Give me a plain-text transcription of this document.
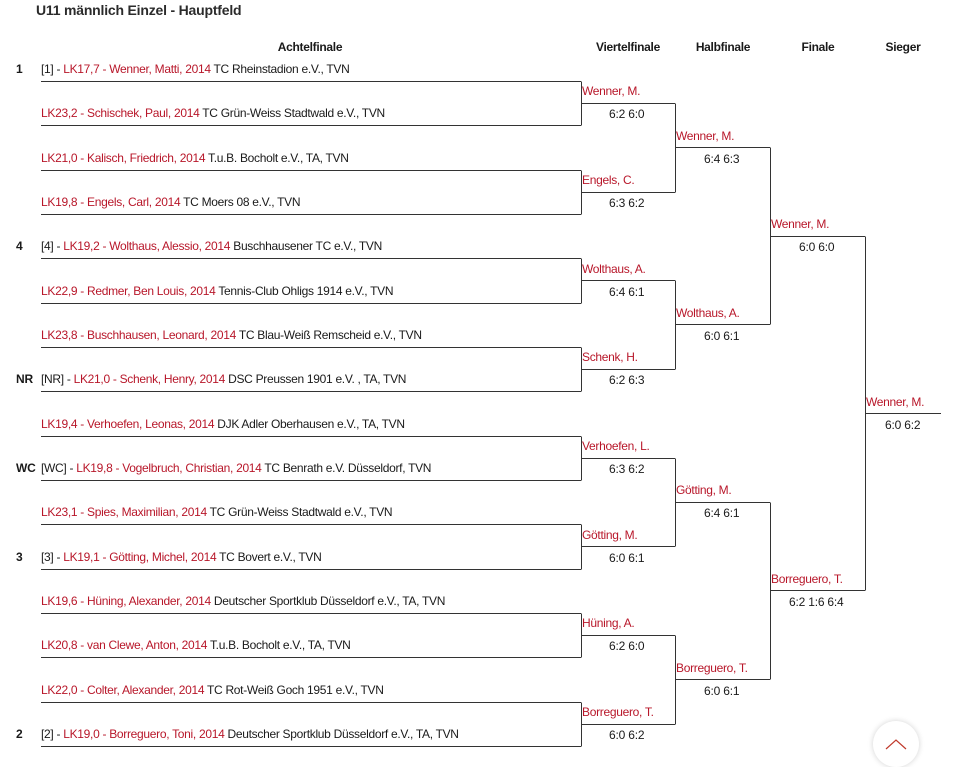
U11 männlich Einzel - Hauptfeld
Achtelfinale	Viertelfinale	Halbfinale	Finale	Sieger
1 [1] - LK17,7 - Wenner, Matti, 2014 TC Rheinstadion e.V., TVN
LK23,2 - Schischek, Paul, 2014 TC Grün-Weiss Stadtwald e.V., TVN
LK21,0 - Kalisch, Friedrich, 2014 T.u.B. Bocholt e.V., TA, TVN
LK19,8 - Engels, Carl, 2014 TC Moers 08 e.V., TVN
4 [4] - LK19,2 - Wolthaus, Alessio, 2014 Buschhausener TC e.V., TVN
LK22,9 - Redmer, Ben Louis, 2014 Tennis-Club Ohligs 1914 e.V., TVN
LK23,8 - Buschhausen, Leonard, 2014 TC Blau-Weiß Remscheid e.V., TVN
NR [NR] - LK21,0 - Schenk, Henry, 2014 DSC Preussen 1901 e.V. , TA, TVN
LK19,4 - Verhoefen, Leonas, 2014 DJK Adler Oberhausen e.V., TA, TVN
WC [WC] - LK19,8 - Vogelbruch, Christian, 2014 TC Benrath e.V. Düsseldorf, TVN
LK23,1 - Spies, Maximilian, 2014 TC Grün-Weiss Stadtwald e.V., TVN
3 [3] - LK19,1 - Götting, Michel, 2014 TC Bovert e.V., TVN
LK19,6 - Hüning, Alexander, 2014 Deutscher Sportklub Düsseldorf e.V., TA, TVN
LK20,8 - van Clewe, Anton, 2014 T.u.B. Bocholt e.V., TA, TVN
LK22,0 - Colter, Alexander, 2014 TC Rot-Weiß Goch 1951 e.V., TVN
2 [2] - LK19,0 - Borreguero, Toni, 2014 Deutscher Sportklub Düsseldorf e.V., TA, TVN
Wenner, M.
6:2 6:0
Engels, C.
6:3 6:2
Wolthaus, A.
6:4 6:1
Schenk, H.
6:2 6:3
Verhoefen, L.
6:3 6:2
Götting, M.
6:0 6:1
Hüning, A.
6:2 6:0
Borreguero, T.
6:0 6:2
Wenner, M.
6:4 6:3
Wolthaus, A.
6:0 6:1
Götting, M.
6:4 6:1
Borreguero, T.
6:0 6:1
Wenner, M.
6:0 6:0
Borreguero, T.
6:2 1:6 6:4
Wenner, M.
6:0 6:2
